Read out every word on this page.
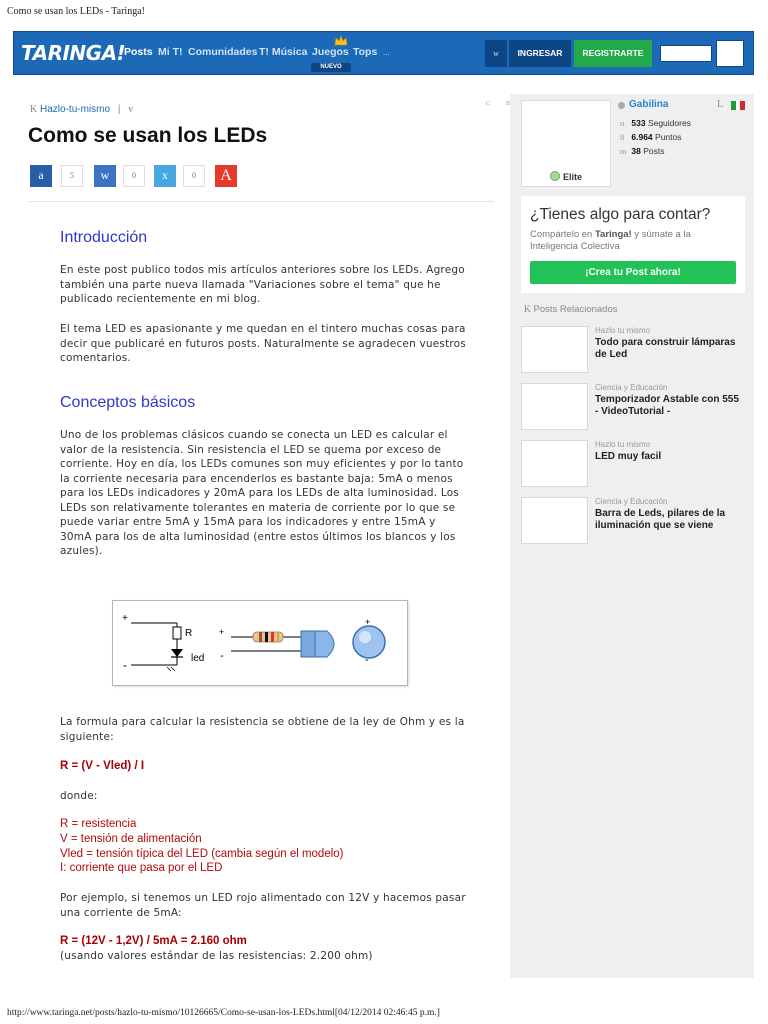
Como se usan los LEDs - Taringa!
TARINGA!
Posts Mi T! Comunidades T! Música Juegos
NUEVO
Tops ...	w	INGRESAR	REGISTRARTE
K Hazlo-tu-mismo | v	C	B
Como se usan los LEDs
a	5	w	0	x	0	A
Introducción

En este post publico todos mis artículos anteriores sobre los LEDs. Agrego también una parte nueva llamada "Variaciones sobre el tema" que he publicado recientemente en mi blog.

El tema LED es apasionante y me quedan en el tintero muchas cosas para decir que publicaré en futuros posts. Naturalmente se agradecen vuestros comentarios.

Conceptos básicos

Uno de los problemas clásicos cuando se conecta un LED es calcular el valor de la resistencia. Sin resistencia el LED se quema por exceso de corriente. Hoy en día, los LEDs comunes son muy eficientes y por lo tanto la corriente necesaria para encenderlos es bastante baja: 5mA o menos para los LEDs indicadores y 20mA para los LEDs de alta luminosidad. Los LEDs son relativamente tolerantes en materia de corriente por lo que se puede variar entre 5mA y 15mA para los indicadores y entre 15mA y 30mA para los de alta luminosidad (entre estos últimos los blancos y los azules).

+
-
R
led
+
-
+
-

La formula para calcular la resistencia se obtiene de la ley de Ohm y es la siguiente:

R = (V - Vled) / I

donde:

R = resistencia
V = tensión de alimentación
Vled = tensión típica del LED (cambia según el modelo)
I: corriente que pasa por el LED

Por ejemplo, si tenemos un LED rojo alimentado con 12V y hacemos pasar una corriente de 5mA:

R = (12V - 1,2V) / 5mA = 2.160 ohm

(usando valores estándar de las resistencias: 2.200 ohm)

Elite
Gabilina	L
u 533 Seguidores
8 6.964 Puntos
m 38 Posts
¿Tienes algo para contar?
Compártelo en Taringa! y súmate a la Inteligencia Colectiva
¡Crea tu Post ahora!
K Posts Relacionados
Hazlo tu mismo
Todo para construir lámparas de Led
Ciencia y Educación
Temporizador Astable con 555 - VideoTutorial -
Hazlo tu mismo
LED muy facil
Ciencia y Educación
Barra de Leds, pilares de la iluminación que se viene
http://www.taringa.net/posts/hazlo-tu-mismo/10126665/Como-se-usan-los-LEDs.html[04/12/2014 02:46:45 p.m.]
